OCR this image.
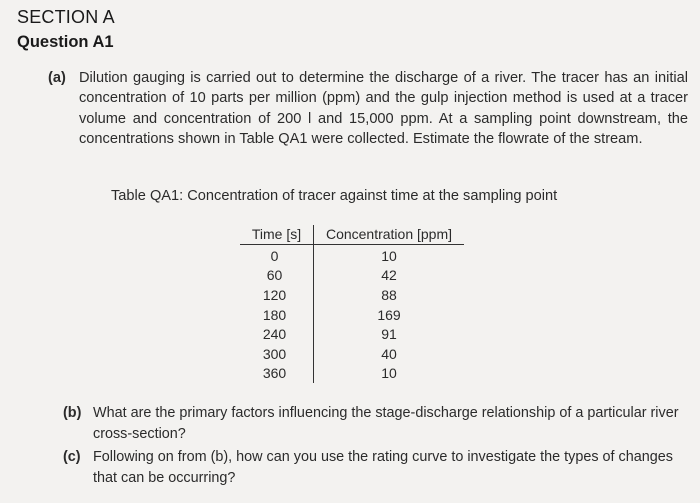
SECTION A
Question A1
(a) Dilution gauging is carried out to determine the discharge of a river. The tracer has an initial concentration of 10 parts per million (ppm) and the gulp injection method is used at a tracer volume and concentration of 200 l and 15,000 ppm. At a sampling point downstream, the concentrations shown in Table QA1 were collected. Estimate the flowrate of the stream.
Table QA1: Concentration of tracer against time at the sampling point
Time [s]	Concentration [ppm]
0	10
60	42
120	88
180	169
240	91
300	40
360	10
(b) What are the primary factors influencing the stage-discharge relationship of a particular river cross-section?
(c) Following on from (b), how can you use the rating curve to investigate the types of changes that can be occurring?
